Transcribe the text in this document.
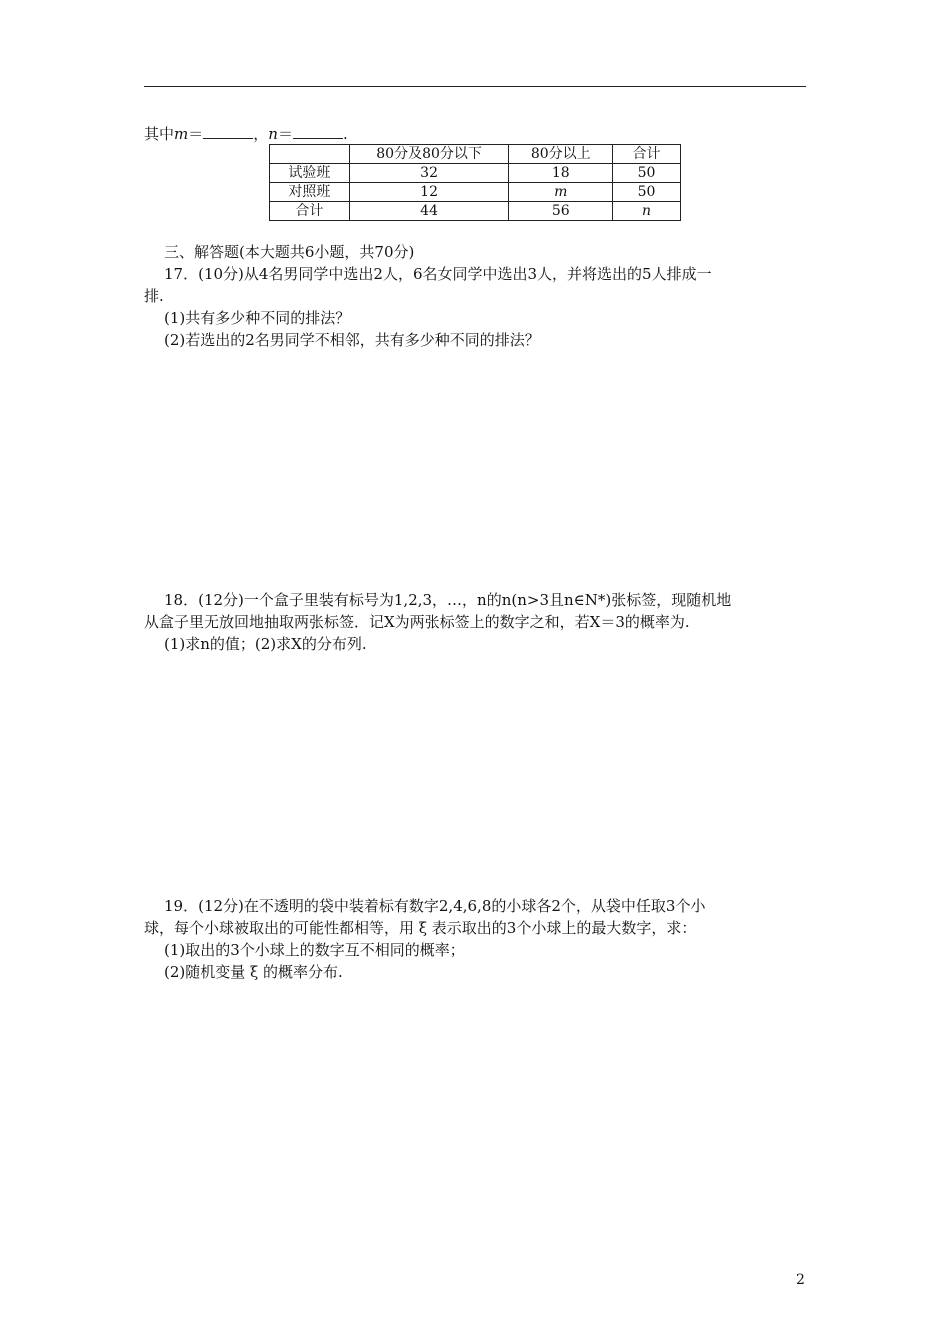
其中m＝	，n＝	.
	80分及80分以下	80分以上	合计
试验班	32	18	50
对照班	12	m	50
合计	44	56	n
三、解答题(本大题共6小题，共70分)
17．(10分)从4名男同学中选出2人，6名女同学中选出3人，并将选出的5人排成一
排.
(1)共有多少种不同的排法？
(2)若选出的2名男同学不相邻，共有多少种不同的排法？
18．(12分)一个盒子里装有标号为1,2,3，…，n的n(n>3且n∈N*)张标签，现随机地
从盒子里无放回地抽取两张标签．记X为两张标签上的数字之和，若X＝3的概率为.
(1)求n的值；(2)求X的分布列.
19．(12分)在不透明的袋中装着标有数字2,4,6,8的小球各2个，从袋中任取3个小
球，每个小球被取出的可能性都相等，用 ξ 表示取出的3个小球上的最大数字，求：
(1)取出的3个小球上的数字互不相同的概率；
(2)随机变量 ξ 的概率分布.
2
